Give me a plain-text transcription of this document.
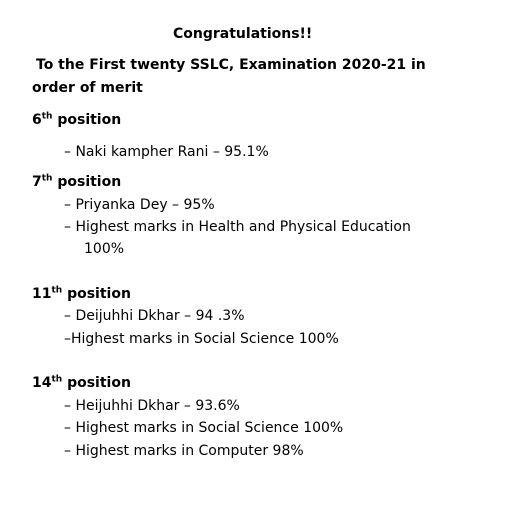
Congratulations!!
To the First twenty SSLC, Examination 2020-21 in
order of merit
6th position
– Naki kampher Rani – 95.1%
7th position
– Priyanka Dey – 95%
– Highest marks in Health and Physical Education
100%
11th position
– Deijuhhi Dkhar – 94 .3%
–Highest marks in Social Science 100%
14th position
– Heijuhhi Dkhar – 93.6%
– Highest marks in Social Science 100%
– Highest marks in Computer 98%
